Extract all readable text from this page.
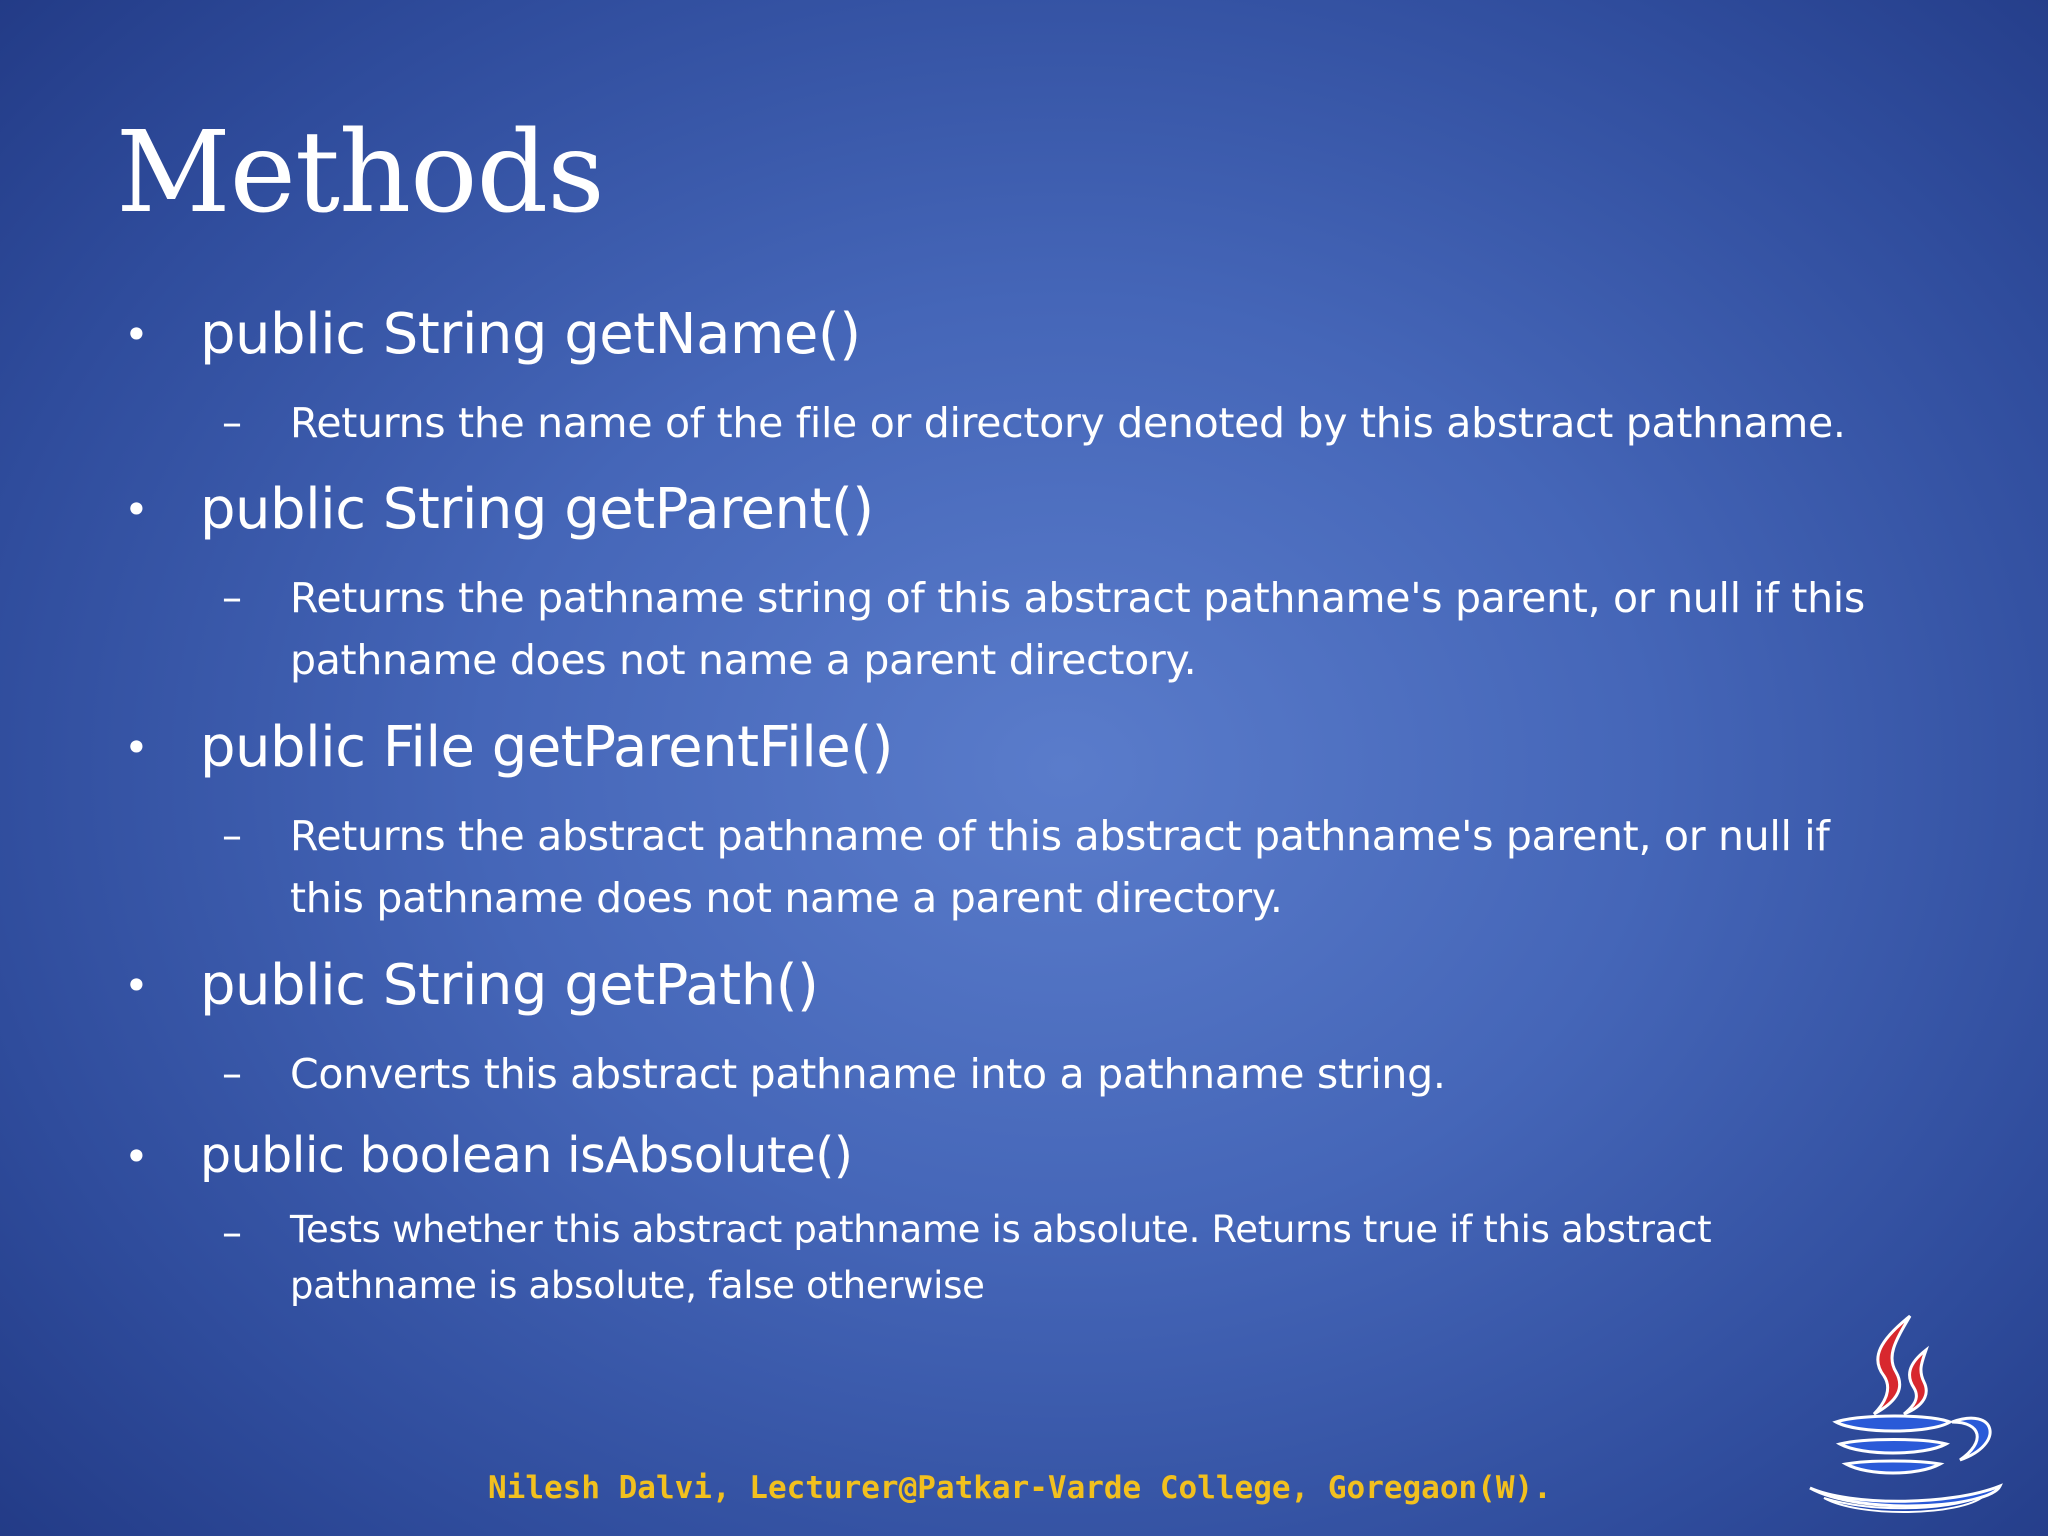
Methods
• public String getName()
– Returns the name of the file or directory denoted by this abstract pathname.
• public String getParent()
– Returns the pathname string of this abstract pathname's parent, or null if this pathname does not name a parent directory.
• public File getParentFile()
– Returns the abstract pathname of this abstract pathname's parent, or null if this pathname does not name a parent directory.
• public String getPath()
– Converts this abstract pathname into a pathname string.
• public boolean isAbsolute()
– Tests whether this abstract pathname is absolute. Returns true if this abstract pathname is absolute, false otherwise
Nilesh Dalvi, Lecturer@Patkar-Varde College, Goregaon(W).
